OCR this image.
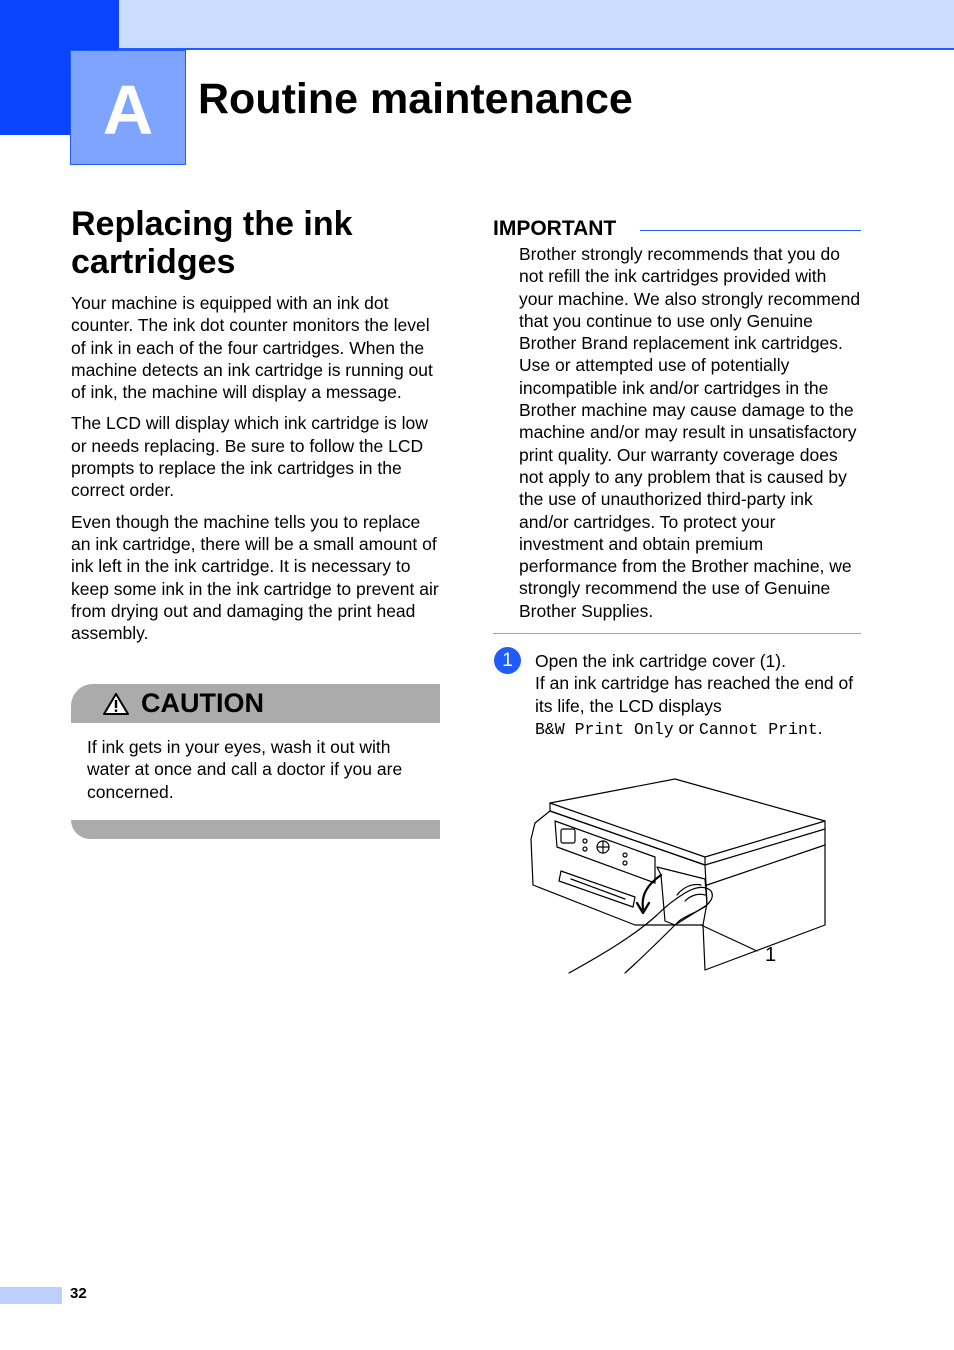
A Routine maintenance
Replacing the ink cartridges

Your machine is equipped with an ink dot counter. The ink dot counter monitors the level of ink in each of the four cartridges. When the machine detects an ink cartridge is running out of ink, the machine will display a message.

The LCD will display which ink cartridge is low or needs replacing. Be sure to follow the LCD prompts to replace the ink cartridges in the correct order.

Even though the machine tells you to replace an ink cartridge, there will be a small amount of ink left in the ink cartridge. It is necessary to keep some ink in the ink cartridge to prevent air from drying out and damaging the print head assembly.

CAUTION

If ink gets in your eyes, wash it out with water at once and call a doctor if you are concerned.

IMPORTANT

Brother strongly recommends that you do not refill the ink cartridges provided with your machine. We also strongly recommend that you continue to use only Genuine Brother Brand replacement ink cartridges. Use or attempted use of potentially incompatible ink and/or cartridges in the Brother machine may cause damage to the machine and/or may result in unsatisfactory print quality. Our warranty coverage does not apply to any problem that is caused by the use of unauthorized third-party ink and/or cartridges. To protect your investment and obtain premium performance from the Brother machine, we strongly recommend the use of Genuine Brother Supplies.

1	Open the ink cartridge cover (1).

If an ink cartridge has reached the end of its life, the LCD displays

B&W Print Only or Cannot Print.

1
32
